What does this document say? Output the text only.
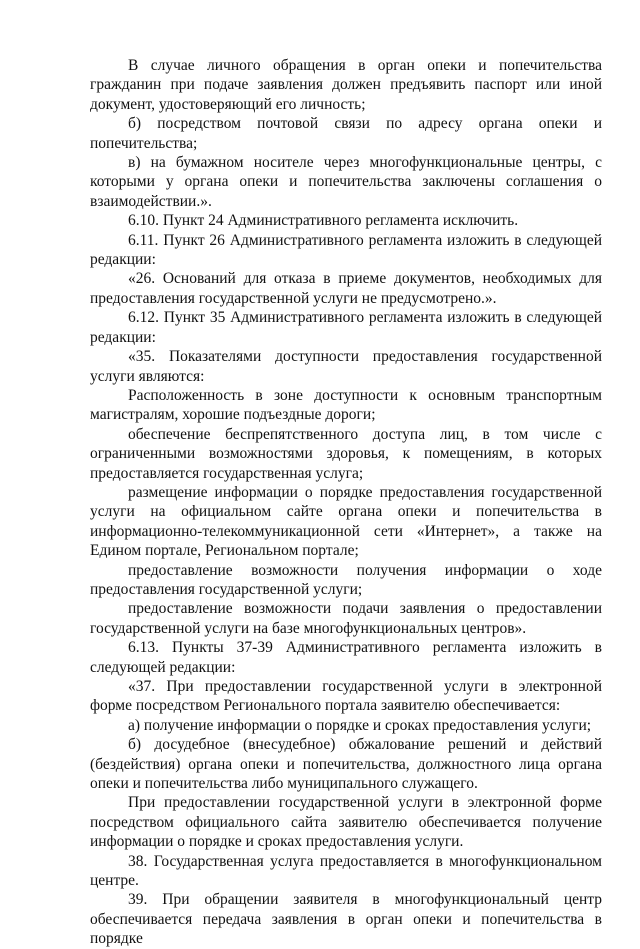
В случае личного обращения в орган опеки и попечительства гражданин при подаче заявления должен предъявить паспорт или иной документ, удостоверяющий его личность;

б) посредством почтовой связи по адресу органа опеки и попечительства;

в) на бумажном носителе через многофункциональные центры, с которыми у органа опеки и попечительства заключены соглашения о взаимодействии.».

6.10. Пункт 24 Административного регламента исключить.

6.11. Пункт 26 Административного регламента изложить в следующей редакции:

«26. Оснований для отказа в приеме документов, необходимых для предоставления государственной услуги не предусмотрено.».

6.12. Пункт 35 Административного регламента изложить в следующей редакции:

«35. Показателями доступности предоставления государственной услуги являются:

Расположенность в зоне доступности к основным транспортным магистралям, хорошие подъездные дороги;

обеспечение беспрепятственного доступа лиц, в том числе с ограниченными возможностями здоровья, к помещениям, в которых предоставляется государственная услуга;

размещение информации о порядке предоставления государственной услуги на официальном сайте органа опеки и попечительства в информационно-телекоммуникационной сети «Интернет», а также на Едином портале, Региональном портале;

предоставление возможности получения информации о ходе предоставления государственной услуги;

предоставление возможности подачи заявления о предоставлении государственной услуги на базе многофункциональных центров».

6.13. Пункты 37-39 Административного регламента изложить в следующей редакции:

«37. При предоставлении государственной услуги в электронной форме посредством Регионального портала заявителю обеспечивается:

а) получение информации о порядке и сроках предоставления услуги;

б) досудебное (внесудебное) обжалование решений и действий (бездействия) органа опеки и попечительства, должностного лица органа опеки и попечительства либо муниципального служащего.

При предоставлении государственной услуги в электронной форме посредством официального сайта заявителю обеспечивается получение информации о порядке и сроках предоставления услуги.

38. Государственная услуга предоставляется в многофункциональном центре.

39. При обращении заявителя в многофункциональный центр обеспечивается передача заявления в орган опеки и попечительства в порядке
